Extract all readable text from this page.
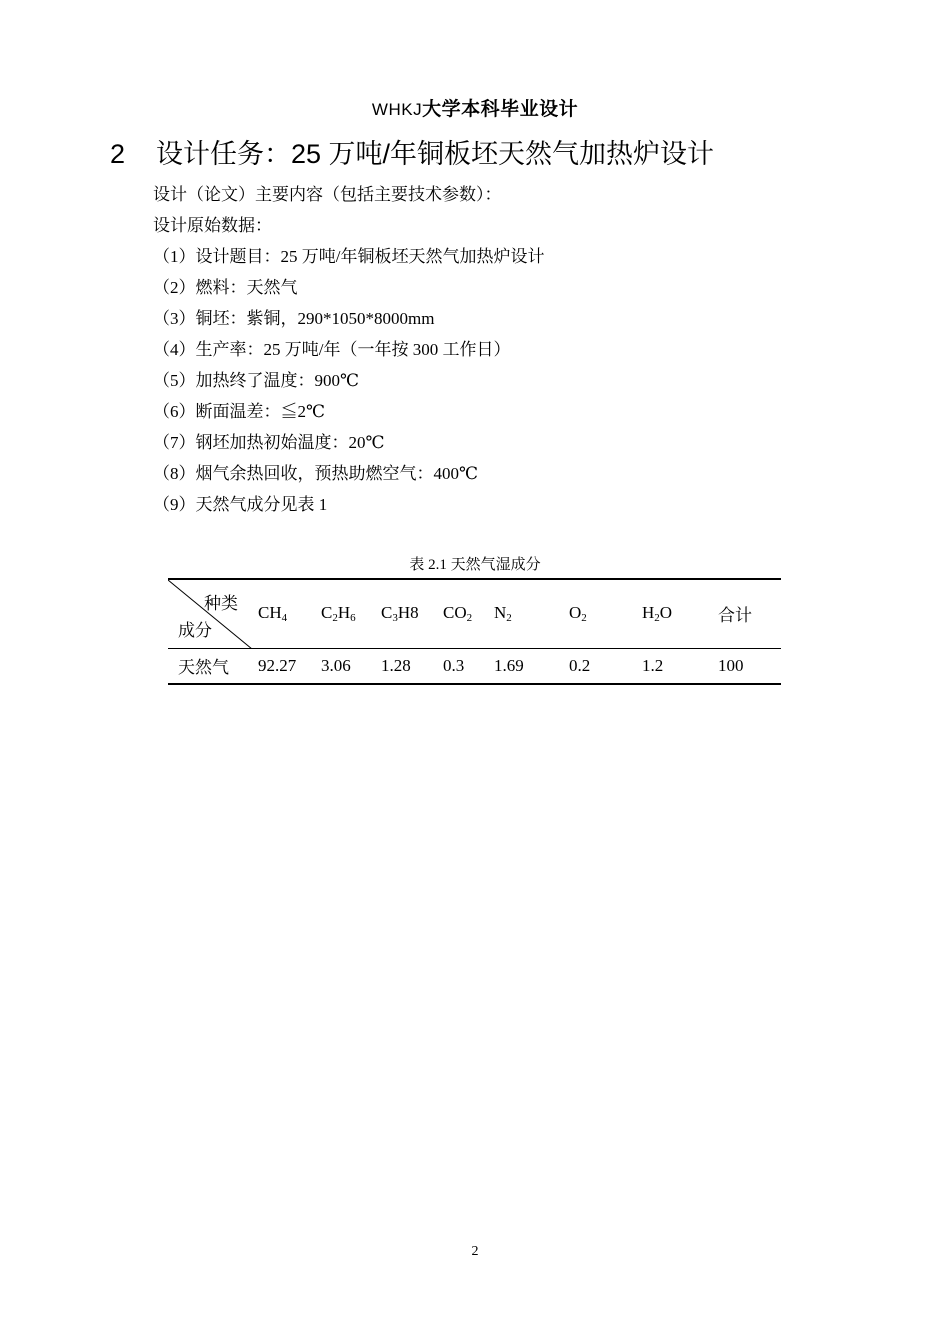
WHKJ大学本科毕业设计
2 设计任务：25 万吨/年铜板坯天然气加热炉设计
设计（论文）主要内容（包括主要技术参数）：
设计原始数据：
（1）设计题目：25 万吨/年铜板坯天然气加热炉设计
（2）燃料：天然气
（3）铜坯：紫铜，290*1050*8000mm
（4）生产率：25 万吨/年（一年按 300 工作日）
（5）加热终了温度：900℃
（6）断面温差：≦2℃
（7）钢坯加热初始温度：20℃
（8）烟气余热回收，预热助燃空气：400℃
（9）天然气成分见表 1
表 2.1 天然气湿成分
种类
成分	$CH_4$	$C_2H_6$	$C_3H8$	$CO_2$	$N_2$	$O_2$	$H_2O$	合计
天然气	92.27	3.06	1.28	0.3	1.69	0.2	1.2	100
2
